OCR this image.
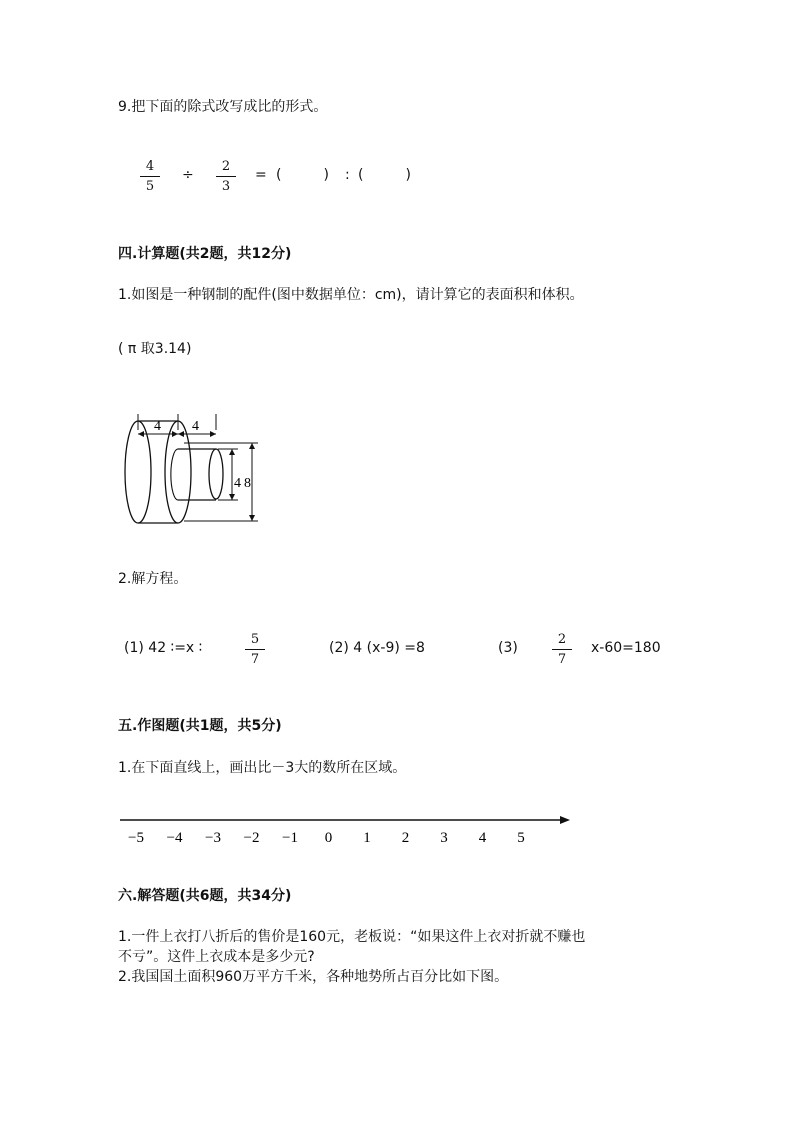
9.把下面的除式改写成比的形式。
4
5
÷
2
3
= (　　　) : (　　　)
四.计算题(共2题，共12分)
1.如图是一种钢制的配件(图中数据单位：cm)，请计算它的表面积和体积。
( π 取3.14)
4 4
4 8
2.解方程。
(1) 42 ∶=x ∶
5
7
(2) 4 (x-9) =8	(3)
2
7
x-60=180
五.作图题(共1题，共5分)
1.在下面直线上，画出比－3大的数所在区域。
−5 −4 −3 −2 −1 0 1 2 3 4 5
六.解答题(共6题，共34分)
1.一件上衣打八折后的售价是160元，老板说：“如果这件上衣对折就不赚也
不亏”。这件上衣成本是多少元?
2.我国国土面积960万平方千米，各种地势所占百分比如下图。
